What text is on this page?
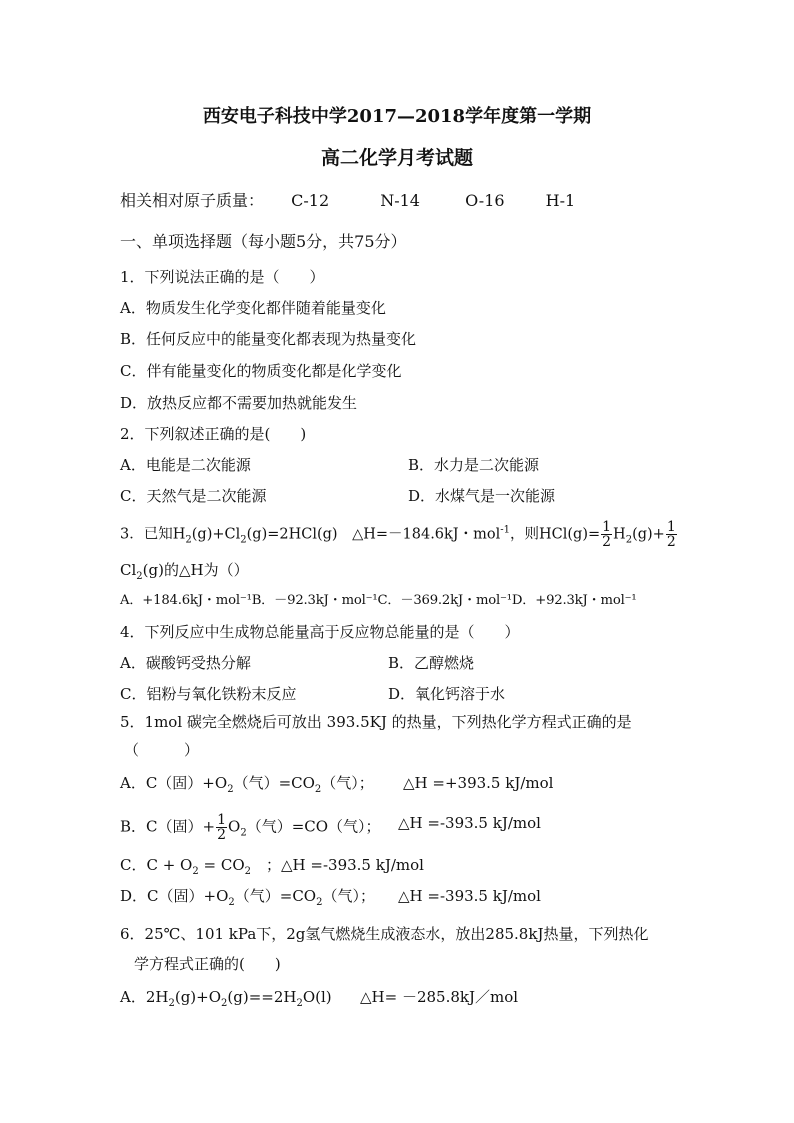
西安电子科技中学2017—2018学年度第一学期
高二化学月考试题
相关相对原子质量： C-12	N-14	O-16	H-1
一、单项选择题（每小题5分，共75分）
1．下列说法正确的是（　　）
A．物质发生化学变化都伴随着能量变化
B．任何反应中的能量变化都表现为热量变化
C．伴有能量变化的物质变化都是化学变化
D．放热反应都不需要加热就能发生
2．下列叙述正确的是(　　)
A．电能是二次能源	B．水力是二次能源
C．天然气是二次能源	D．水煤气是一次能源
3．已知$H_2(g)+Cl_2(g)=2HCl(g)$　△H=－184.6kJ・mol$^{-1}$，则$HCl(g)= \frac{1}{2} H_2(g)+ \frac{1}{2}$
$Cl_2(g)$的△H为（）
A．+184.6kJ・mol⁻¹B．－92.3kJ・mol⁻¹C．－369.2kJ・mol⁻¹D．+92.3kJ・mol⁻¹
4．下列反应中生成物总能量高于反应物总能量的是（　　）
A．碳酸钙受热分解	B．乙醇燃烧
C．铝粉与氧化铁粉末反应	D．氧化钙溶于水
5．1mol 碳完全燃烧后可放出 393.5KJ 的热量，下列热化学方程式正确的是
（　　　）
A．C（固）$+O_2$（气）$=CO_2$（气）； △H =+393.5 kJ/mol
B．C（固）+ $\frac{1}{2} O_2$（气）=CO（气）； △H =-393.5 kJ/mol
C．$C + O_2 = CO_2$　；△H =-393.5 kJ/mol
D．C（固）$+O_2$（气）$=CO_2$（气）； △H =-393.5 kJ/mol
6．25℃、101 kPa下，2g氢气燃烧生成液态水，放出285.8kJ热量，下列热化
学方程式正确的(　　)
A．$2H_2(g)+O_2(g)==2H_2O(l)$ △H= －285.8kJ／mol
